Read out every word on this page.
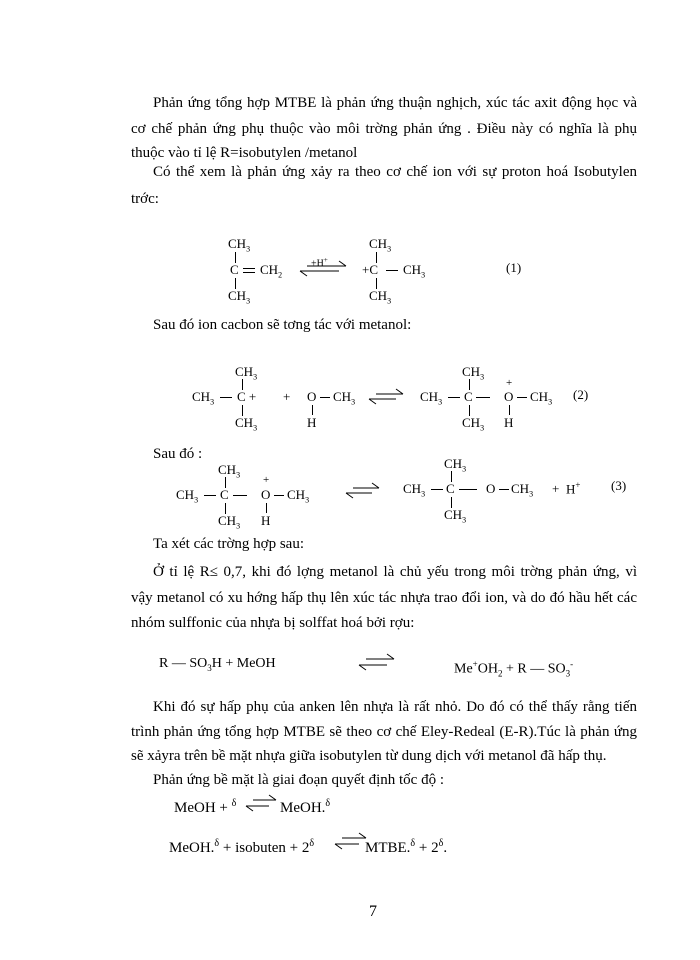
Phản ứng tổng hợp MTBE là phản ứng thuận nghịch, xúc tác axit động học và
cơ chế phản ứng phụ thuộc vào môi trờng phản ứng . Điều này có nghĩa là phụ
thuộc vào tỉ lệ R=isobutylen /metanol
Có thể xem là phản ứng xảy ra theo cơ chế ion với sự proton hoá Isobutylen
trớc:
$CH_3$
C $CH_2$
$CH_3$
+H+
$CH_3$
+C $CH_3$
$CH_3$
(1)
Sau đó ion cacbon sẽ tơng tác với metanol:
$CH_3$
$CH_3$ C +
$CH_3$
+ O $CH_3$
H
$CH_3$
$CH_3$ C
+
O $CH_3$
$CH_3$ H
(2)
Sau đó :
$CH_3$
$CH_3$ C
+
O $CH_3$
$CH_3$ H
$CH_3$
$CH_3$ C O $CH_3$
$CH_3$
+ H+ (3)
Ta xét các trờng hợp sau:
Ở tỉ lệ R≤ 0,7, khi đó lợng metanol là chủ yếu trong môi trờng phản ứng, vì
vậy metanol có xu hớng hấp thụ lên xúc tác nhựa trao đổi ion, và do đó hầu hết các
nhóm sulffonic của nhựa bị solffat hoá bởi rợu:
R — $SO_3H$ + MeOH	$Me^+OH_2 + R$ — $SO_3^-$
Khi đó sự hấp phụ của anken lên nhựa là rất nhỏ. Do đó có thể thấy rằng tiến
trình phản ứng tổng hợp MTBE sẽ theo cơ chế Eley-Redeal (E-R).Túc là phản ứng
sẽ xảyra trên bề mặt nhựa giữa isobutylen từ dung dịch với metanol đã hấp thụ.
Phản ứng bề mặt là giai đoạn quyết định tốc độ :
MeOH + $^\delta$	MeOH.$^\delta$
MeOH.$^\delta$ + isobuten + $2^\delta$	MTBE.$^\delta$ + $2^\delta$.
7
